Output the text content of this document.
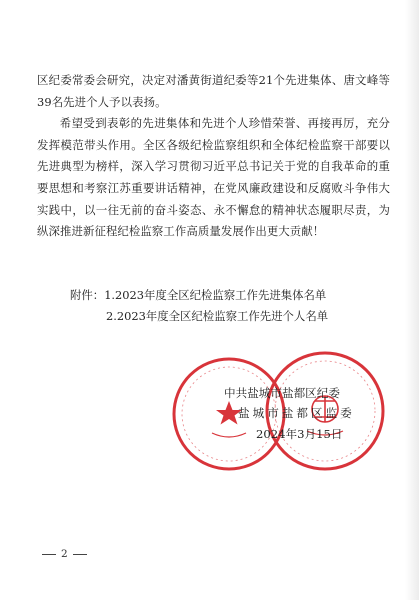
区纪委常委会研究，决定对潘黄街道纪委等21个先进集体、唐文峰等39名先进个人予以表扬。

希望受到表彰的先进集体和先进个人珍惜荣誉、再接再厉，充分发挥模范带头作用。全区各级纪检监察组织和全体纪检监察干部要以先进典型为榜样，深入学习贯彻习近平总书记关于党的自我革命的重要思想和考察江苏重要讲话精神，在党风廉政建设和反腐败斗争伟大实践中，以一往无前的奋斗姿态、永不懈怠的精神状态履职尽责，为纵深推进新征程纪检监察工作高质量发展作出更大贡献！

附件：1.2023年度全区纪检监察工作先进集体名单
2.2023年度全区纪检监察工作先进个人名单
中共盐城市盐都区纪委
盐城市盐都区监委
2024年3月15日
2
